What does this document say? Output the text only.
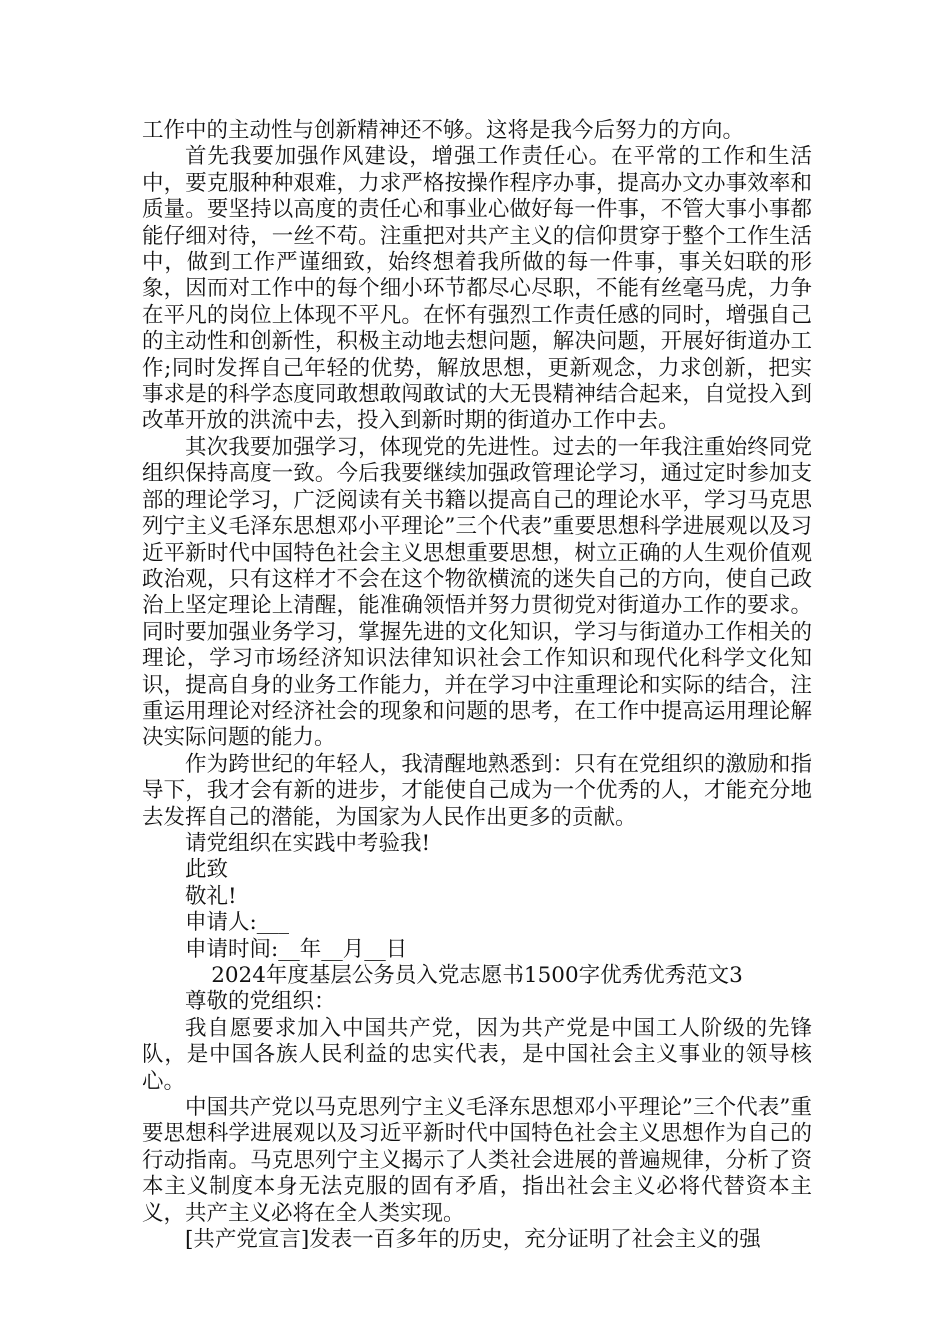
工作中的主动性与创新精神还不够。这将是我今后努力的方向。

首先我要加强作风建设，增强工作责任心。在平常的工作和生活中，要克服种种艰难，力求严格按操作程序办事，提高办文办事效率和质量。要坚持以高度的责任心和事业心做好每一件事，不管大事小事都能仔细对待，一丝不苟。注重把对共产主义的信仰贯穿于整个工作生活中，做到工作严谨细致，始终想着我所做的每一件事，事关妇联的形象，因而对工作中的每个细小环节都尽心尽职，不能有丝毫马虎，力争在平凡的岗位上体现不平凡。在怀有强烈工作责任感的同时，增强自己的主动性和创新性，积极主动地去想问题，解决问题，开展好街道办工作;同时发挥自己年轻的优势，解放思想，更新观念，力求创新，把实事求是的科学态度同敢想敢闯敢试的大无畏精神结合起来，自觉投入到改革开放的洪流中去，投入到新时期的街道办工作中去。

其次我要加强学习，体现党的先进性。过去的一年我注重始终同党组织保持高度一致。今后我要继续加强政管理论学习，通过定时参加支部的理论学习，广泛阅读有关书籍以提高自己的理论水平，学习马克思列宁主义毛泽东思想邓小平理论”三个代表”重要思想科学进展观以及习近平新时代中国特色社会主义思想重要思想，树立正确的人生观价值观政治观，只有这样才不会在这个物欲横流的迷失自己的方向，使自己政治上坚定理论上清醒，能准确领悟并努力贯彻党对街道办工作的要求。同时要加强业务学习，掌握先进的文化知识，学习与街道办工作相关的理论，学习市场经济知识法律知识社会工作知识和现代化科学文化知识，提高自身的业务工作能力，并在学习中注重理论和实际的结合，注重运用理论对经济社会的现象和问题的思考，在工作中提高运用理论解决实际问题的能力。

作为跨世纪的年轻人，我清醒地熟悉到：只有在党组织的激励和指导下，我才会有新的进步，才能使自己成为一个优秀的人，才能充分地去发挥自己的潜能，为国家为人民作出更多的贡献。

请党组织在实践中考验我!

此致

敬礼!

申请人:___

申请时间:__年__月__日

2024年度基层公务员入党志愿书1500字优秀优秀范文3

尊敬的党组织：

我自愿要求加入中国共产党，因为共产党是中国工人阶级的先锋队，是中国各族人民利益的忠实代表，是中国社会主义事业的领导核心。

中国共产党以马克思列宁主义毛泽东思想邓小平理论”三个代表”重要思想科学进展观以及习近平新时代中国特色社会主义思想作为自己的行动指南。马克思列宁主义揭示了人类社会进展的普遍规律，分析了资本主义制度本身无法克服的固有矛盾，指出社会主义必将代替资本主义，共产主义必将在全人类实现。

[共产党宣言]发表一百多年的历史，充分证明了社会主义的强
